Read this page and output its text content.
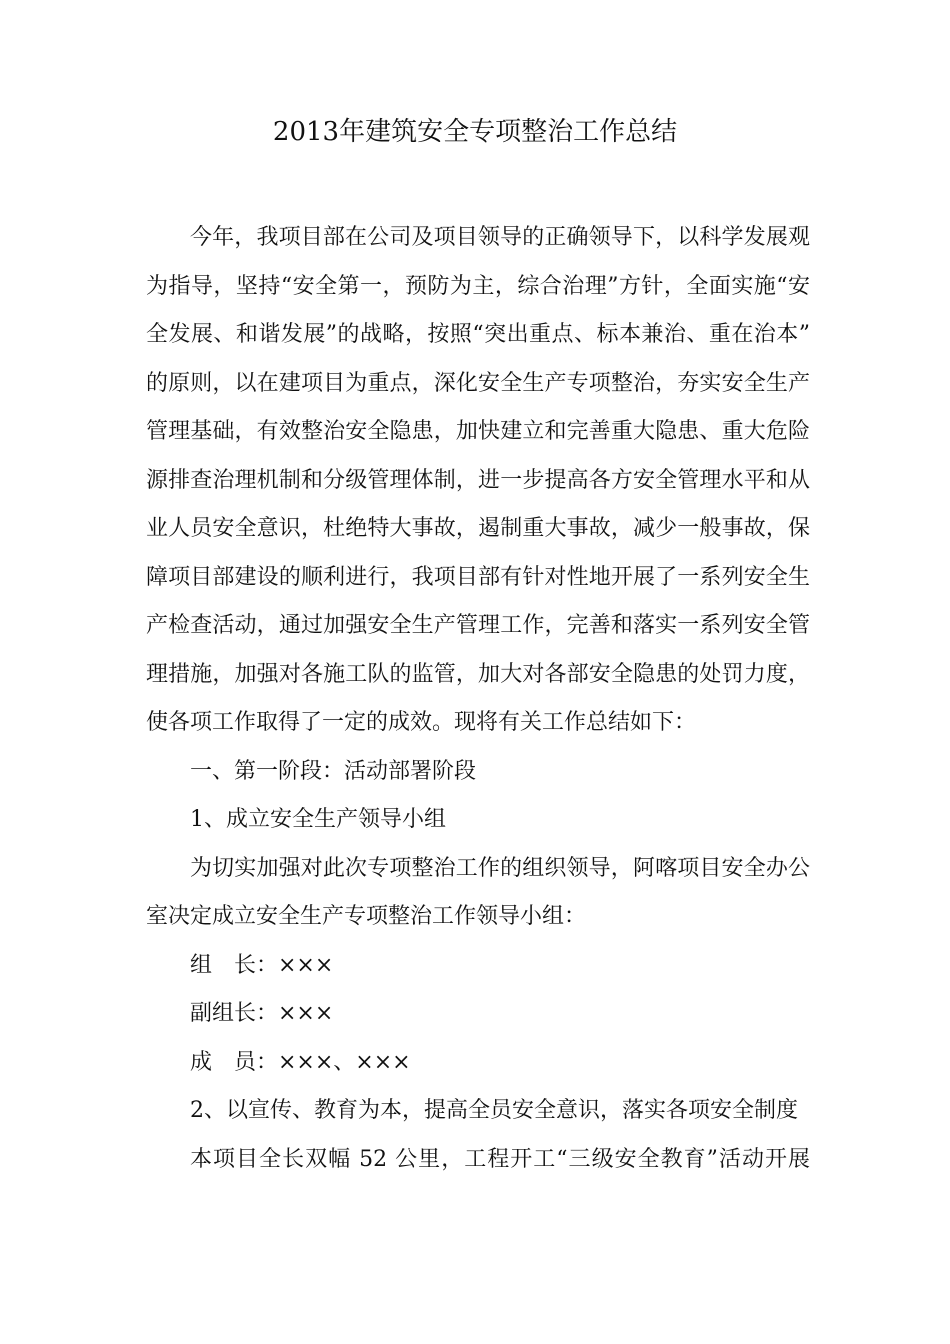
2013年建筑安全专项整治工作总结
今年，我项目部在公司及项目领导的正确领导下，以科学发展观
为指导，坚持“安全第一，预防为主，综合治理”方针，全面实施“安
全发展、和谐发展”的战略，按照“突出重点、标本兼治、重在治本”
的原则，以在建项目为重点，深化安全生产专项整治，夯实安全生产
管理基础，有效整治安全隐患，加快建立和完善重大隐患、重大危险
源排查治理机制和分级管理体制，进一步提高各方安全管理水平和从
业人员安全意识，杜绝特大事故，遏制重大事故，减少一般事故，保
障项目部建设的顺利进行，我项目部有针对性地开展了一系列安全生
产检查活动，通过加强安全生产管理工作，完善和落实一系列安全管
理措施，加强对各施工队的监管，加大对各部安全隐患的处罚力度，
使各项工作取得了一定的成效。现将有关工作总结如下：
一、第一阶段：活动部署阶段
1、成立安全生产领导小组
为切实加强对此次专项整治工作的组织领导，阿喀项目安全办公
室决定成立安全生产专项整治工作领导小组：
组　长：×××
副组长：×××
成　员：×××、×××
2、以宣传、教育为本，提高全员安全意识，落实各项安全制度
本项目全长双幅 52 公里，工程开工“三级安全教育”活动开展
